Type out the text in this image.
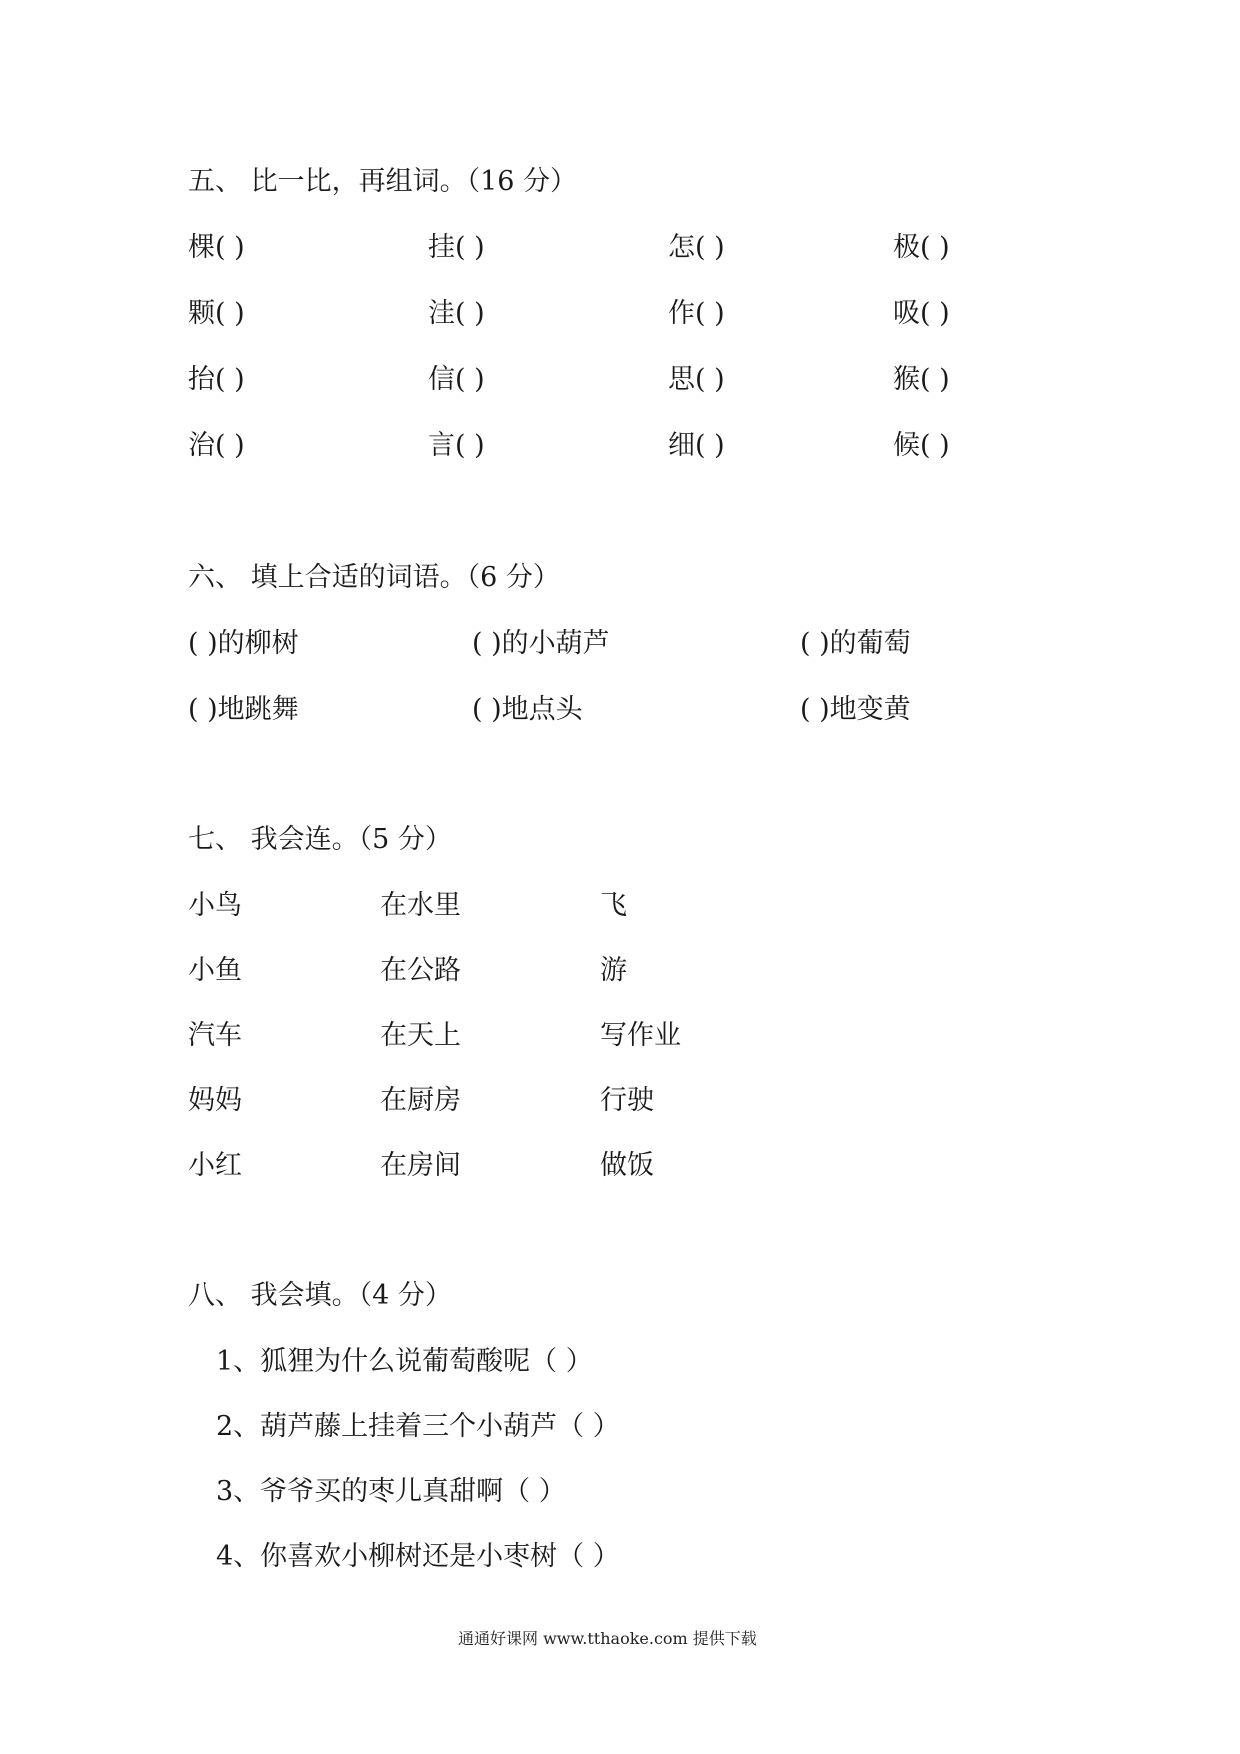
五、 比一比，再组词。（16 分）
棵( )	挂( )	怎( )	极( )
颗( )	洼( )	作( )	吸( )
抬( )	信( )	思( )	猴( )
治( )	言( )	细( )	候( )
六、 填上合适的词语。（6 分）
( )的柳树	( )的小葫芦	( )的葡萄
( )地跳舞	( )地点头	( )地变黄
七、 我会连。（5 分）
小鸟	在水里	飞
小鱼	在公路	游
汽车	在天上	写作业
妈妈	在厨房	行驶
小红	在房间	做饭
八、 我会填。（4 分）
1、狐狸为什么说葡萄酸呢（ ）
2、葫芦藤上挂着三个小葫芦（ ）
3、爷爷买的枣儿真甜啊（ ）
4、你喜欢小柳树还是小枣树（ ）
通通好课网 www.tthaoke.com 提供下载
